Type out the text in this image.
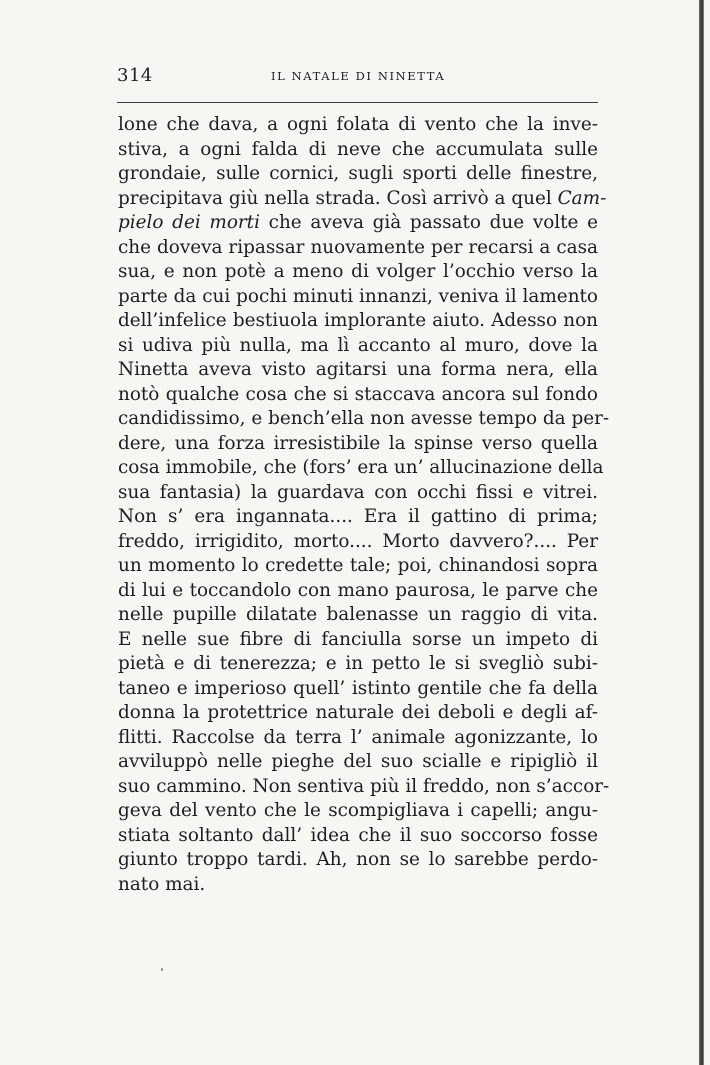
314	IL NATALE DI NINETTA
lone che dava, a ogni folata di vento che la inve-
stiva, a ogni falda di neve che accumulata sulle
grondaie, sulle cornici, sugli sporti delle finestre,
precipitava giù nella strada. Così arrivò a quel Cam-
pielo dei morti che aveva già passato due volte e
che doveva ripassar nuovamente per recarsi a casa
sua, e non potè a meno di volger l’occhio verso la
parte da cui pochi minuti innanzi, veniva il lamento
dell’infelice bestiuola implorante aiuto. Adesso non
si udiva più nulla, ma lì accanto al muro, dove la
Ninetta aveva visto agitarsi una forma nera, ella
notò qualche cosa che si staccava ancora sul fondo
candidissimo, e bench’ella non avesse tempo da per-
dere, una forza irresistibile la spinse verso quella
cosa immobile, che (fors’ era un’ allucinazione della
sua fantasia) la guardava con occhi fissi e vitrei.
Non s’ era ingannata.... Era il gattino di prima;
freddo, irrigidito, morto.... Morto davvero?.... Per
un momento lo credette tale; poi, chinandosi sopra
di lui e toccandolo con mano paurosa, le parve che
nelle pupille dilatate balenasse un raggio di vita.
E nelle sue fibre di fanciulla sorse un impeto di
pietà e di tenerezza; e in petto le si svegliò subi-
taneo e imperioso quell’ istinto gentile che fa della
donna la protettrice naturale dei deboli e degli af-
flitti. Raccolse da terra l’ animale agonizzante, lo
avviluppò nelle pieghe del suo scialle e ripigliò il
suo cammino. Non sentiva più il freddo, non s’accor-
geva del vento che le scompigliava i capelli; angu-
stiata soltanto dall’ idea che il suo soccorso fosse
giunto troppo tardi. Ah, non se lo sarebbe perdo-
nato mai.
